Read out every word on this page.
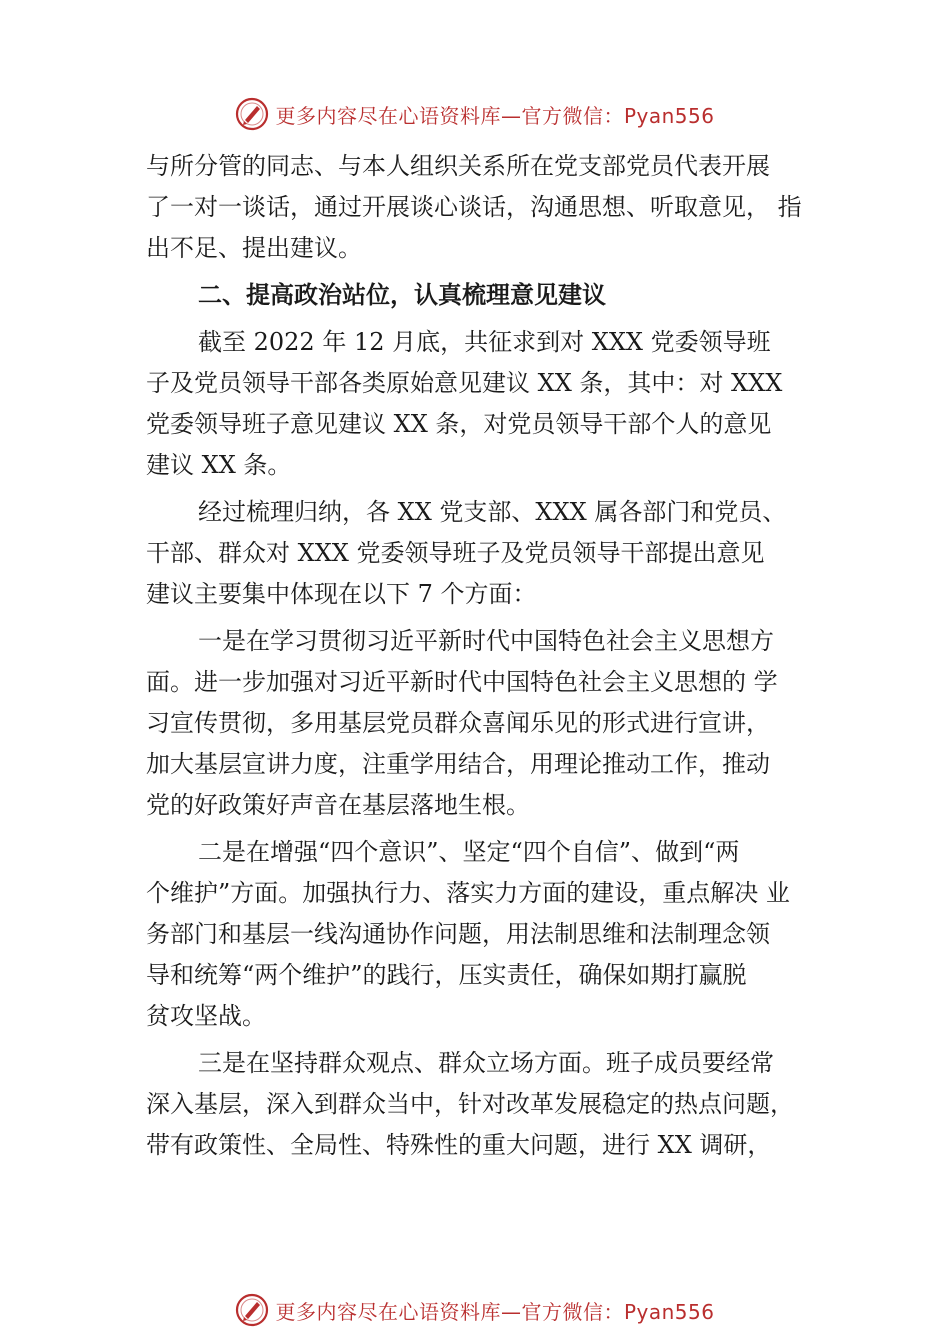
更多内容尽在心语资料库—官方微信：Pyan556
与所分管的同志、与本人组织关系所在党支部党员代表开展
了一对一谈话，通过开展谈心谈话，沟通思想、听取意见， 指
出不足、提出建议。
二、提高政治站位，认真梳理意见建议
截至 2022 年 12 月底，共征求到对 XXX 党委领导班
子及党员领导干部各类原始意见建议 XX 条，其中：对 XXX
党委领导班子意见建议 XX 条，对党员领导干部个人的意见
建议 XX 条。
经过梳理归纳，各 XX 党支部、XXX 属各部门和党员、
干部、群众对 XXX 党委领导班子及党员领导干部提出意见
建议主要集中体现在以下 7 个方面：
一是在学习贯彻习近平新时代中国特色社会主义思想方
面。进一步加强对习近平新时代中国特色社会主义思想的 学
习宣传贯彻，多用基层党员群众喜闻乐见的形式进行宣讲，
加大基层宣讲力度，注重学用结合，用理论推动工作，推动
党的好政策好声音在基层落地生根。
二是在增强“四个意识”、坚定“四个自信”、做到“两
个维护”方面。加强执行力、落实力方面的建设，重点解决 业
务部门和基层一线沟通协作问题，用法制思维和法制理念领
导和统筹“两个维护”的践行，压实责任，确保如期打赢脱
贫攻坚战。
三是在坚持群众观点、群众立场方面。班子成员要经常
深入基层，深入到群众当中，针对改革发展稳定的热点问题，
带有政策性、全局性、特殊性的重大问题，进行 XX 调研，
更多内容尽在心语资料库—官方微信：Pyan556
